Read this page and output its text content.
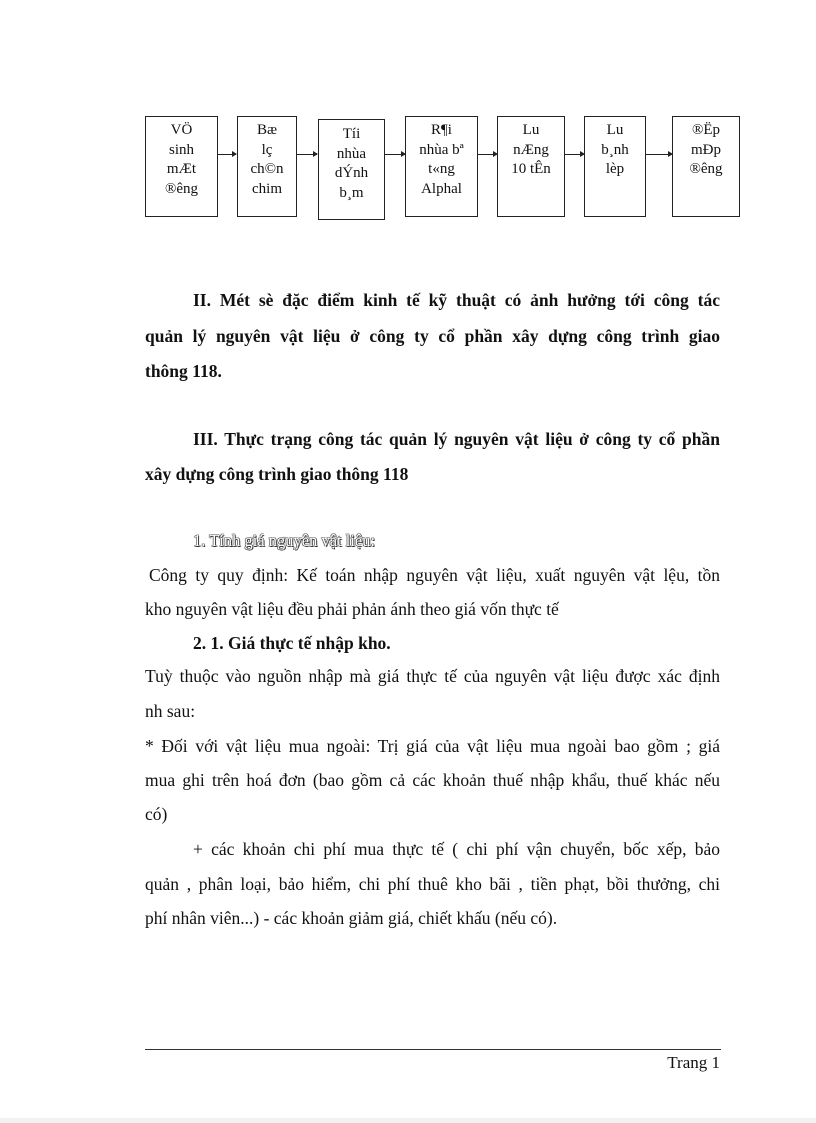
VÖ
sinh
mÆt
®êng
Bæ
lç
ch©n
chim
Tíi
nhùa
dÝnh
b¸m
R¶i
nhùa bª
t«ng
Alphal
Lu
nÆng
10 tÊn
Lu
b¸nh
lèp
®Ëp
mÐp
®êng
II. Mét sè đặc điểm kinh tế kỹ thuật có ảnh hưởng tới công tác
quản lý nguyên vật liệu ở công ty cổ phần xây dựng công trình giao
thông 118.
III. Thực trạng công tác quản lý nguyên vật liệu ở công ty cổ phần
xây dựng công trình giao thông 118
1. Tính giá nguyên vật liệu:
Công ty quy định: Kế toán nhập nguyên vật liệu, xuất nguyên vật lệu, tồn
kho nguyên vật liệu đều phải phản ánh theo giá vốn thực tế
2. 1. Giá thực tế nhập kho.
Tuỳ thuộc vào nguồn nhập mà giá thực tế của nguyên vật liệu được xác định
nh sau:
* Đối với vật liệu mua ngoài: Trị giá của vật liệu mua ngoài bao gồm ; giá
mua ghi trên hoá đơn (bao gồm cả các khoản thuế nhập khẩu, thuế khác nếu
có)
+ các khoản chi phí mua thực tế ( chi phí vận chuyển, bốc xếp, bảo
quản , phân loại, bảo hiểm, chi phí thuê kho bãi , tiền phạt, bồi thưởng, chi
phí nhân viên...) - các khoản giảm giá, chiết khấu (nếu có).
Trang 1
